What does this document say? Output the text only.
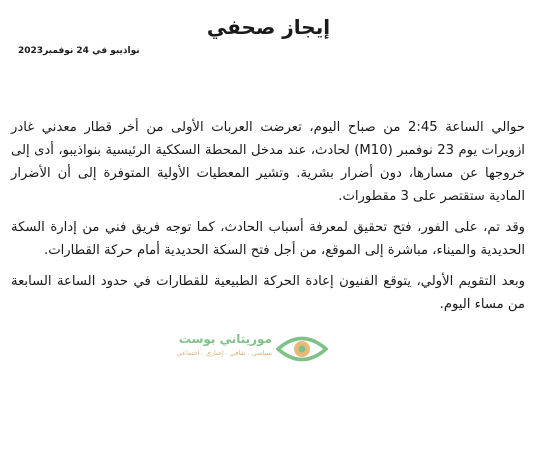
إيجاز صحفي
نواذيبو في 24 نوفمبر2023

حوالي الساعة 2:45 من صباح اليوم، تعرضت العربات الأولى من أخر قطار معدني غادر ازويرات يوم 23 نوفمبر (M10) لحادث، عند مدخل المحطة السككية الرئيسية بنواذيبو، أدى إلى خروجها عن مسارها، دون أضرار بشرية. وتشير المعطيات الأولية المتوفرة إلى أن الأضرار المادية ستقتصر على 3 مقطورات.

وقد تم، على الفور، فتح تحقيق لمعرفة أسباب الحادث، كما توجه فريق فني من إدارة السكة الحديدية والميناء، مباشرة إلى الموقع، من أجل فتح السكة الحديدية أمام حركة القطارات.

وبعد التقويم الأولي، يتوقع الفنيون إعادة الحركة الطبيعية للقطارات في حدود الساعة السابعة من مساء اليوم.

موريتاني بوست
سياسي . ثقافي . إخباري . اجتماعي
